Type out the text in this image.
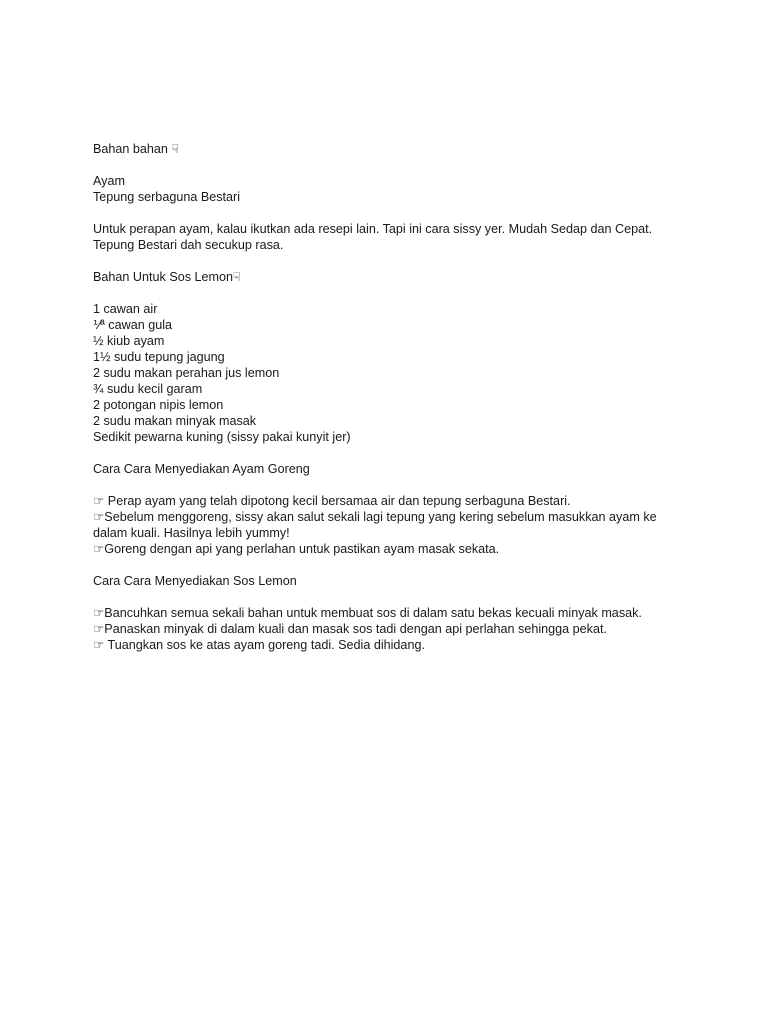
Bahan bahan ☟
Ayam
Tepung serbaguna Bestari
Untuk perapan ayam, kalau ikutkan ada resepi lain. Tapi ini cara sissy yer. Mudah Sedap dan Cepat. Tepung Bestari dah secukup rasa.
Bahan Untuk Sos Lemon☟
1 cawan air
⅟ª cawan gula
½ kiub ayam
1½ sudu tepung jagung
2 sudu makan perahan jus lemon
¾ sudu kecil garam
2 potongan nipis lemon
2 sudu makan minyak masak
Sedikit pewarna kuning (sissy pakai kunyit jer)
Cara Cara Menyediakan Ayam Goreng
☞ Perap ayam yang telah dipotong kecil bersamaa air dan tepung serbaguna Bestari.
☞Sebelum menggoreng, sissy akan salut sekali lagi tepung yang kering sebelum masukkan ayam ke dalam kuali. Hasilnya lebih yummy!
☞Goreng dengan api yang perlahan untuk pastikan ayam masak sekata.
Cara Cara Menyediakan Sos Lemon
☞Bancuhkan semua sekali bahan untuk membuat sos di dalam satu bekas kecuali minyak masak.
☞Panaskan minyak di dalam kuali dan masak sos tadi dengan api perlahan sehingga pekat.
☞ Tuangkan sos ke atas ayam goreng tadi. Sedia dihidang.
